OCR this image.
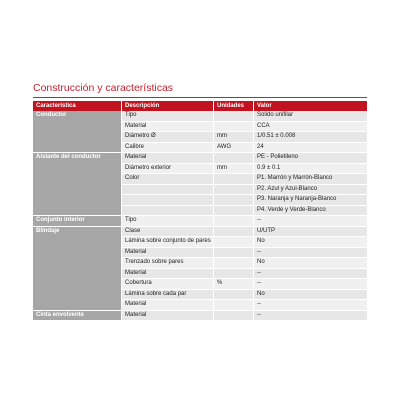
Construcción y características
Característica	Descripción	Unidades	Valor
Conductor	Tipo		Solido unifilar
	Material		CCA
	Diámetro Ø	mm	1/0.51 ± 0.008
	Calibre	AWG	24
Aislante del conductor	Material		PE - Polietileno
	Diámetro exterior	mm	0.9 ± 0.1
	Color		P1. Marrón y Marrón-Blanco
			P2. Azul y Azul-Blanco
			P3. Naranja y Naranja-Blanco
			P4. Verde y Verde-Blanco
Conjunto interior	Tipo		--
Blindaje	Clase		U/UTP
	Lámina sobre conjunto de pares		No
	Material		--
	Trenzado sobre pares		No
	Material		--
	Cobertura	%	--
	Lámina sobre cada par		No
	Material		--
Cinta envolvente	Material		--
